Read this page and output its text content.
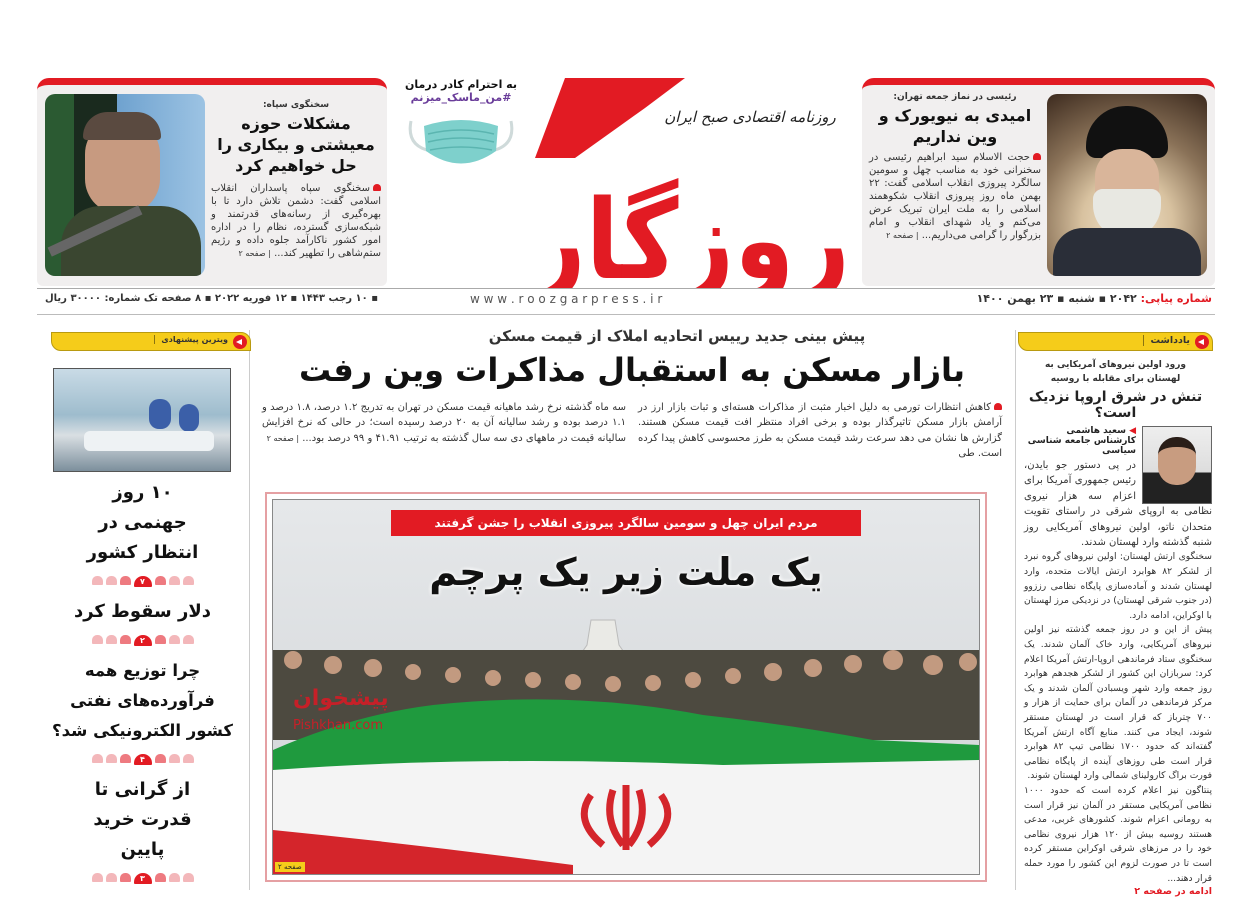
به احترام کادر درمان
#من_ماسک_میزنم
وزگار
روزنامه اقتصادی صبح ایران
رئیسی در نماز جمعه تهران:
امیدی به نیویورک و وین نداریم
حجت الاسلام سید ابراهیم رئیسی در سخنرانی خود به مناسب چهل و سومین سالگرد پیروزی انقلاب اسلامی گفت: ۲۲ بهمن ماه روز پیروزی انقلاب شکوهمند اسلامی را به ملت ایران تبریک عرض می‌کنم و یاد شهدای انقلاب و امام بزرگوار را گرامی می‌داریم... | صفحه ۲
سخنگوی سپاه:
مشکلات حوزه معیشتی و بیکاری را حل خواهیم کرد
سخنگوی سپاه پاسداران انقلاب اسلامی گفت: دشمن تلاش دارد تا با بهره‌گیری از رسانه‌های قدرتمند و شبکه‌سازی گسترده، نظام را در اداره امور کشور ناکارآمد جلوه داده و رژیم ستم‌شاهی را تطهیر کند... | صفحه ۲
شماره پیاپی: ۲۰۴۲ ▪ شنبه ▪ ۲۳ بهمن ۱۴۰۰
w w w . r o o z g a r p r e s s . i r
▪ ۱۰ رجب ۱۴۴۳ ▪ ۱۲ فوریه ۲۰۲۲ ▪ ۸ صفحه تک شماره: ۳۰۰۰۰ ریال
یادداشت
ورود اولین نیروهای آمریکایی به لهستان برای مقابله با روسیه
تنش در شرق اروپا نزدیک است؟
◀ سعید هاشمی
کارشناس جامعه شناسی سیاسی

در پی دستور جو بایدن، رئیس جمهوری آمریکا برای اعزام سه هزار نیروی نظامی به اروپای شرقی در راستای تقویت متحدان ناتو، اولین نیروهای آمریکایی روز شنبه گذشته وارد لهستان شدند.

سخنگوی ارتش لهستان: اولین نیروهای گروه نبرد از لشکر ۸۲ هوابرد ارتش ایالات متحده، وارد لهستان شدند و آماده‌سازی پایگاه نظامی رززوو (در جنوب شرقی لهستان) در نزدیکی مرز لهستان با اوکراین، ادامه دارد.

پیش از این و در روز جمعه گذشته نیز اولین نیروهای آمریکایی، وارد خاک آلمان شدند. یک سخنگوی ستاد فرماندهی اروپا-ارتش آمریکا اعلام کرد: سربازان این کشور از لشکر هجدهم هوابرد روز جمعه وارد شهر ویسبادن آلمان شدند و یک مرکز فرماندهی در آلمان برای حمایت از هزار و ۷۰۰ چترباز که قرار است در لهستان مستقر شوند، ایجاد می کنند. منابع آگاه ارتش آمریکا گفته‌اند که حدود ۱۷۰۰ نظامی تیپ ۸۲ هوابرد قرار است طی روزهای آینده از پایگاه نظامی فورت براگ کارولینای شمالی وارد لهستان شوند.

پنتاگون نیز اعلام کرده است که حدود ۱۰۰۰ نظامی آمریکایی مستقر در آلمان نیز قرار است به رومانی اعزام شوند. کشورهای غربی، مدعی هستند روسیه بیش از ۱۲۰ هزار نیروی نظامی خود را در مرزهای شرقی اوکراین مستقر کرده است تا در صورت لزوم این کشور را مورد حمله قرار دهند...

ادامه در صفحه ۲
ویترین پیشنهادی
۱۰ روز جهنمی در انتظار کشور
۷
دلار سقوط کرد
۲
چرا توزیع همه فرآورده‌های نفتی کشور الکترونیکی شد؟
۴
از گرانی تا قدرت خرید پایین
۳
پیش بینی جدید رییس اتحادیه املاک از قیمت مسکن
بازار مسکن به استقبال مذاکرات وین رفت

کاهش انتظارات تورمی به دلیل اخبار مثبت از مذاکرات هسته‌ای و ثبات بازار ارز در آرامش بازار مسکن تاثیرگذار بوده و برخی افراد منتظر افت قیمت مسکن هستند. گزارش ها نشان می دهد سرعت رشد قیمت مسکن به طرز محسوسی کاهش پیدا کرده است. طی

سه ماه گذشته نرخ رشد ماهیانه قیمت مسکن در تهران به تدریج ۱.۲ درصد، ۱.۸ درصد و ۱.۱ درصد بوده و رشد سالیانه آن به ۲۰ درصد رسیده است؛ در حالی که نرخ افزایش سالیانه قیمت در ماههای دی سه سال گذشته به ترتیب ۴۱.۹۱ و ۹۹ درصد بود... | صفحه ۲

مردم ایران چهل و سومین سالگرد پیروزی انقلاب را جشن گرفتند
یک ملت زیر یک پرچم
پیشخوان
Pishkhan.com
صفحه ۲
